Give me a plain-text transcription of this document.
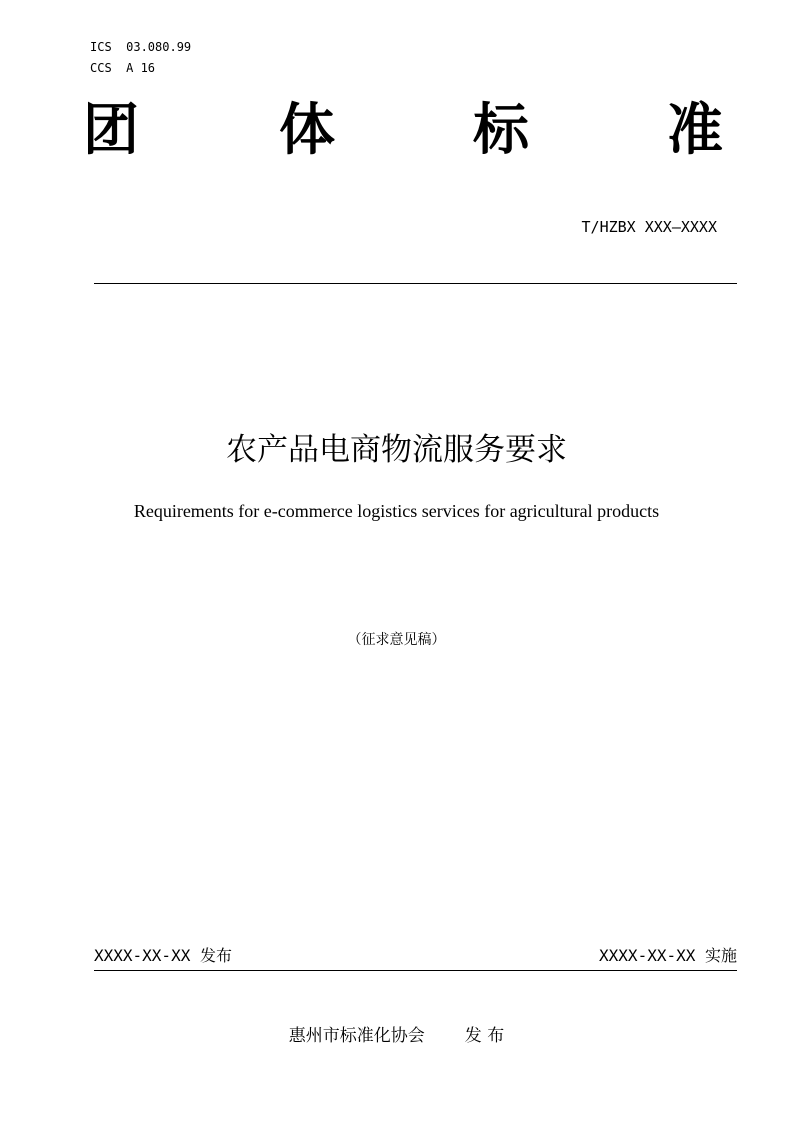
ICS  03.080.99
CCS  A 16
团	体 标 准
T/HZBX XXX—XXXX
农产品电商物流服务要求
Requirements for e-commerce logistics services for agricultural products
（征求意见稿）
XXXX-XX-XX 发布	XXXX-XX-XX 实施
惠州市标准化协会 发 布
